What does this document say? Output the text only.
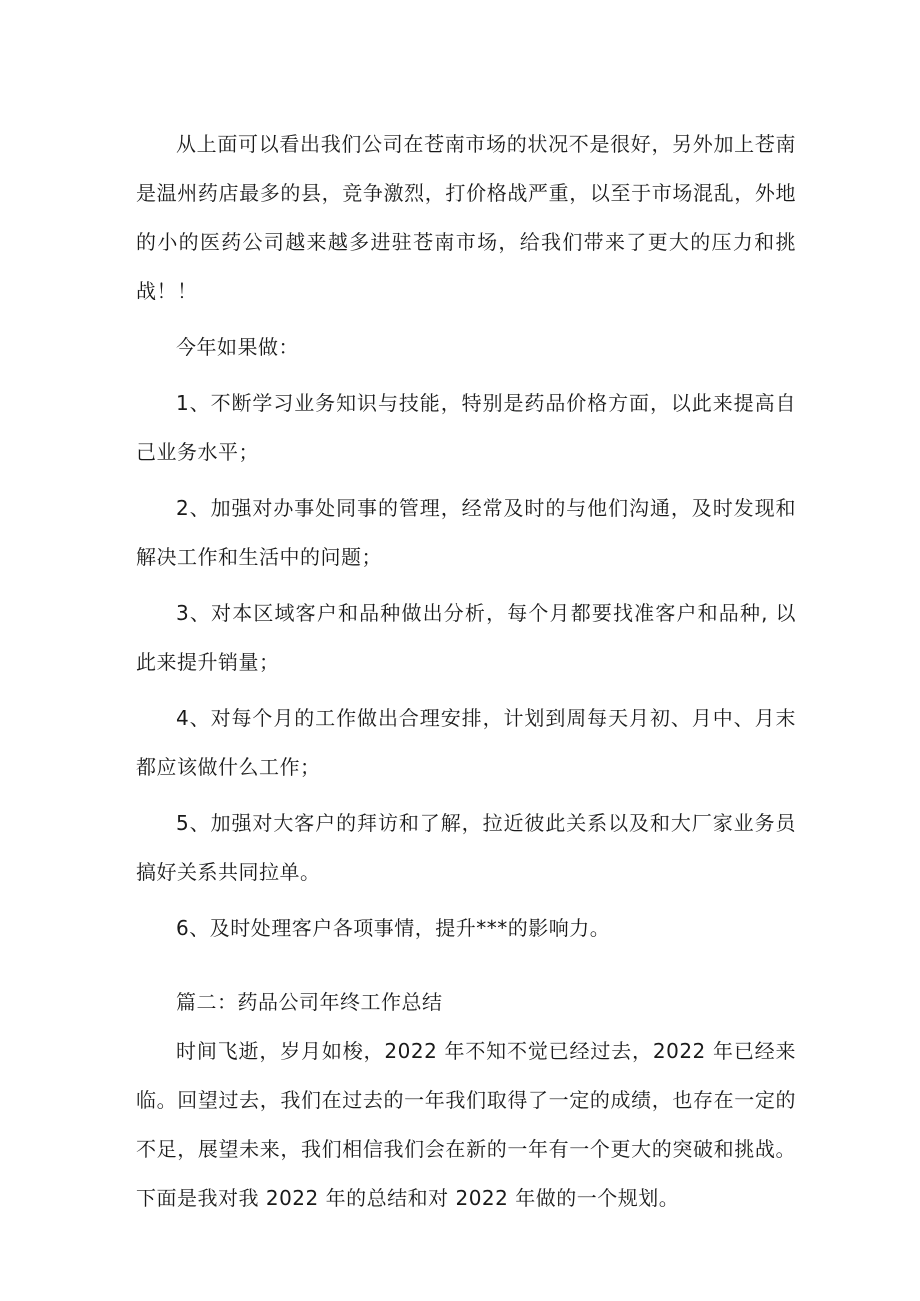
从上面可以看出我们公司在苍南市场的状况不是很好，另外加上苍南是温州药店最多的县，竞争激烈，打价格战严重，以至于市场混乱，外地的小的医药公司越来越多进驻苍南市场，给我们带来了更大的压力和挑战！！

今年如果做：

1、不断学习业务知识与技能，特别是药品价格方面，以此来提高自己业务水平；

2、加强对办事处同事的管理，经常及时的与他们沟通，及时发现和解决工作和生活中的问题；

3、对本区域客户和品种做出分析，每个月都要找准客户和品种, 以此来提升销量；

4、对每个月的工作做出合理安排，计划到周每天月初、月中、月末都应该做什么工作；

5、加强对大客户的拜访和了解，拉近彼此关系以及和大厂家业务员搞好关系共同拉单。

6、及时处理客户各项事情，提升***的影响力。

篇二：药品公司年终工作总结

时间飞逝，岁月如梭，2022 年不知不觉已经过去，2022 年已经来临。回望过去，我们在过去的一年我们取得了一定的成绩，也存在一定的不足，展望未来，我们相信我们会在新的一年有一个更大的突破和挑战。下面是我对我 2022 年的总结和对 2022 年做的一个规划。
